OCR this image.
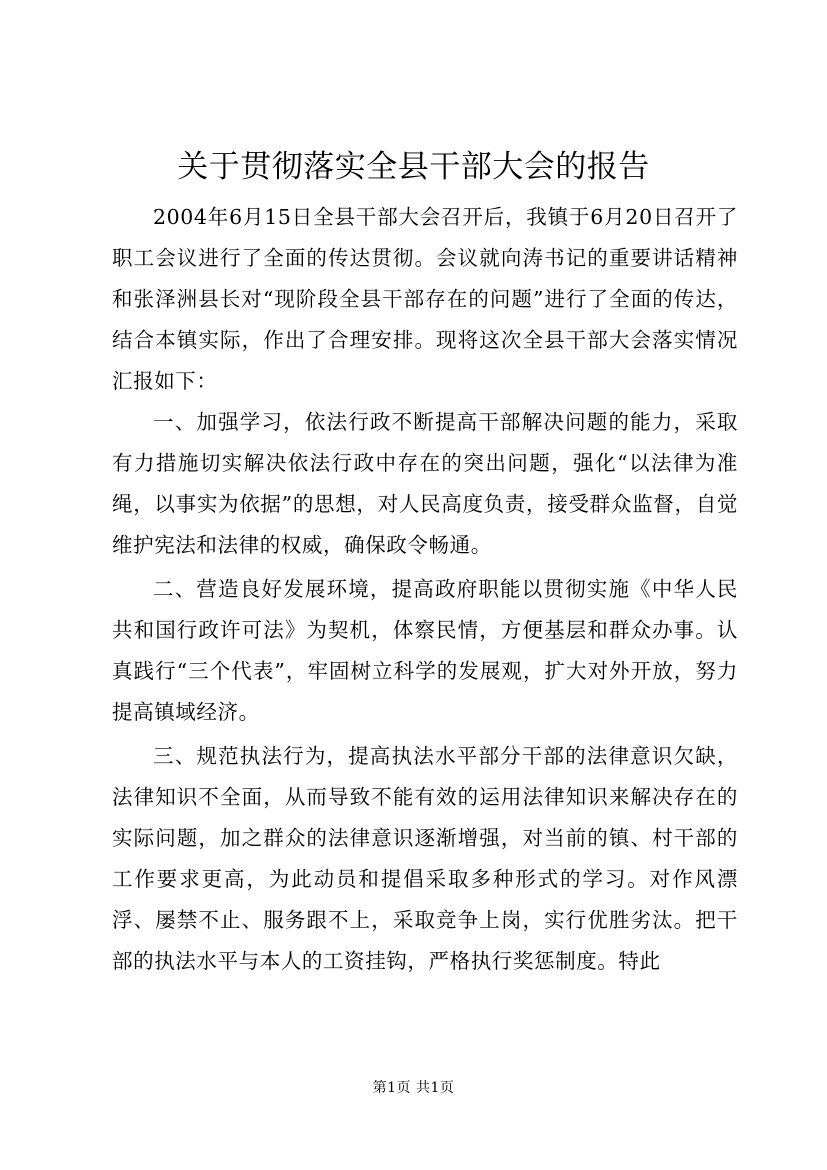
关于贯彻落实全县干部大会的报告

2004年6月15日全县干部大会召开后，我镇于6月20日召开了职工会议进行了全面的传达贯彻。会议就向涛书记的重要讲话精神和张泽洲县长对“现阶段全县干部存在的问题”进行了全面的传达，结合本镇实际，作出了合理安排。现将这次全县干部大会落实情况汇报如下：

一、加强学习，依法行政不断提高干部解决问题的能力，采取有力措施切实解决依法行政中存在的突出问题，强化“以法律为准绳，以事实为依据”的思想，对人民高度负责，接受群众监督，自觉维护宪法和法律的权威，确保政令畅通。

二、营造良好发展环境，提高政府职能以贯彻实施《中华人民共和国行政许可法》为契机，体察民情，方便基层和群众办事。认真践行“三个代表”，牢固树立科学的发展观，扩大对外开放，努力提高镇域经济。

三、规范执法行为，提高执法水平部分干部的法律意识欠缺，法律知识不全面，从而导致不能有效的运用法律知识来解决存在的实际问题，加之群众的法律意识逐渐增强，对当前的镇、村干部的工作要求更高，为此动员和提倡采取多种形式的学习。对作风漂浮、屡禁不止、服务跟不上，采取竞争上岗，实行优胜劣汰。把干部的执法水平与本人的工资挂钩，严格执行奖惩制度。特此

第1页 共1页
